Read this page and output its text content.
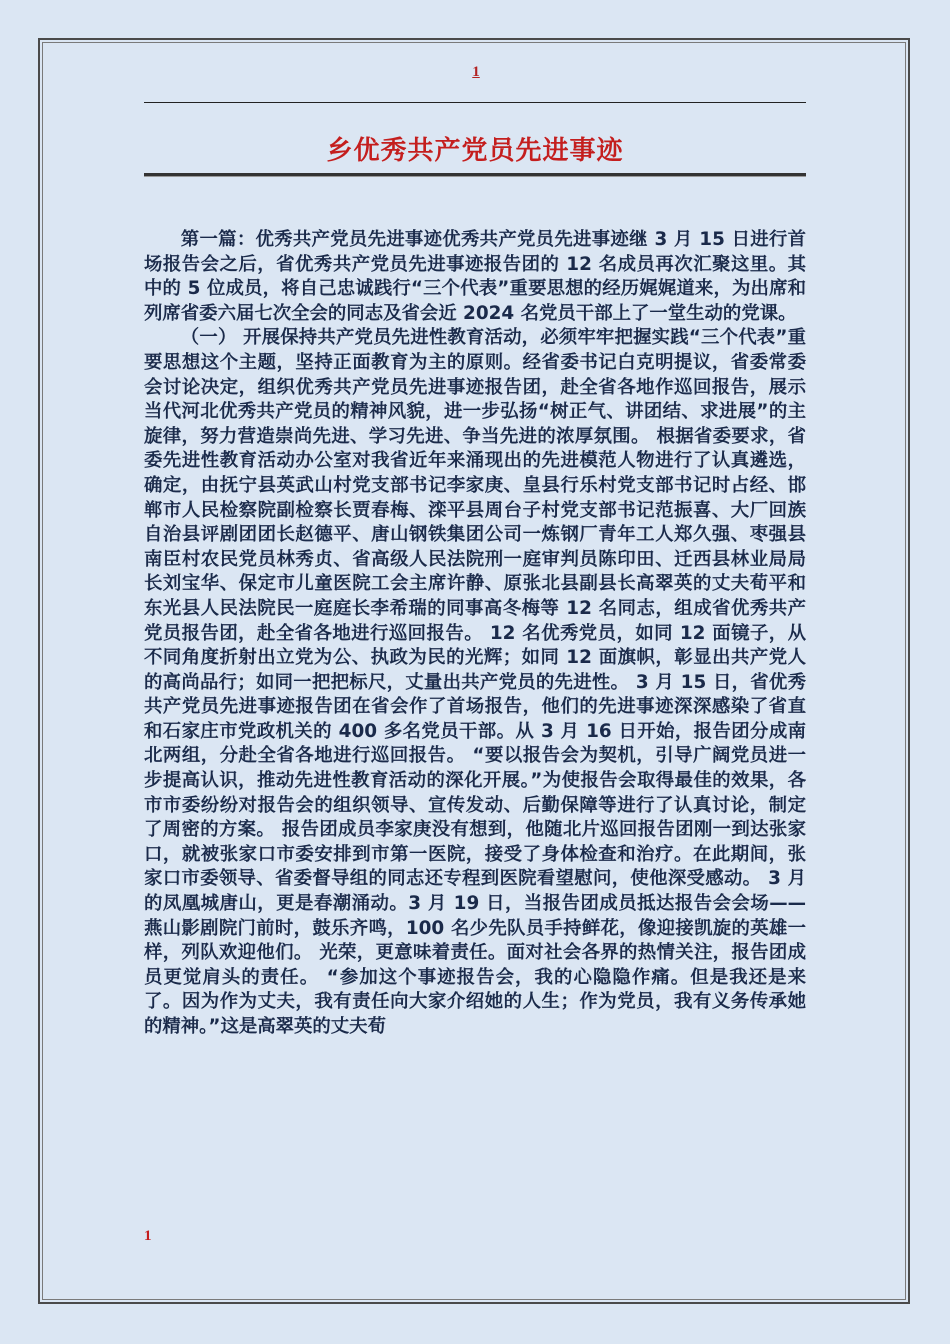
1
乡优秀共产党员先进事迹

第一篇：优秀共产党员先进事迹优秀共产党员先进事迹继 3 月 15 日进行首场报告会之后，省优秀共产党员先进事迹报告团的 12 名成员再次汇聚这里。其中的 5 位成员，将自己忠诚践行“三个代表”重要思想的经历娓娓道来，为出席和列席省委六届七次全会的同志及省会近 2024 名党员干部上了一堂生动的党课。

（一） 开展保持共产党员先进性教育活动，必须牢牢把握实践“三个代表”重要思想这个主题，坚持正面教育为主的原则。经省委书记白克明提议，省委常委会讨论决定，组织优秀共产党员先进事迹报告团，赴全省各地作巡回报告，展示当代河北优秀共产党员的精神风貌，进一步弘扬“树正气、讲团结、求进展”的主旋律，努力营造崇尚先进、学习先进、争当先进的浓厚氛围。 根据省委要求，省委先进性教育活动办公室对我省近年来涌现出的先进模范人物进行了认真遴选，确定，由抚宁县英武山村党支部书记李家庚、皇县行乐村党支部书记时占经、邯郸市人民检察院副检察长贾春梅、滦平县周台子村党支部书记范振喜、大厂回族自治县评剧团团长赵德平、唐山钢铁集团公司一炼钢厂青年工人郑久强、枣强县南臣村农民党员林秀贞、省高级人民法院刑一庭审判员陈印田、迁西县林业局局长刘宝华、保定市儿童医院工会主席许静、原张北县副县长高翠英的丈夫荀平和东光县人民法院民一庭庭长李希瑞的同事高冬梅等 12 名同志，组成省优秀共产党员报告团，赴全省各地进行巡回报告。 12 名优秀党员，如同 12 面镜子，从不同角度折射出立党为公、执政为民的光辉；如同 12 面旗帜，彰显出共产党人的高尚品行；如同一把把标尺，丈量出共产党员的先进性。 3 月 15 日，省优秀共产党员先进事迹报告团在省会作了首场报告，他们的先进事迹深深感染了省直和石家庄市党政机关的 400 多名党员干部。从 3 月 16 日开始，报告团分成南北两组，分赴全省各地进行巡回报告。 “要以报告会为契机，引导广阔党员进一步提高认识，推动先进性教育活动的深化开展。”为使报告会取得最佳的效果，各市市委纷纷对报告会的组织领导、宣传发动、后勤保障等进行了认真讨论，制定了周密的方案。 报告团成员李家庚没有想到，他随北片巡回报告团刚一到达张家口，就被张家口市委安排到市第一医院，接受了身体检查和治疗。在此期间，张家口市委领导、省委督导组的同志还专程到医院看望慰问，使他深受感动。 3 月的凤凰城唐山，更是春潮涌动。3 月 19 日，当报告团成员抵达报告会会场——燕山影剧院门前时，鼓乐齐鸣，100 名少先队员手持鲜花，像迎接凯旋的英雄一样，列队欢迎他们。 光荣，更意味着责任。面对社会各界的热情关注，报告团成员更觉肩头的责任。 “参加这个事迹报告会，我的心隐隐作痛。但是我还是来了。因为作为丈夫，我有责任向大家介绍她的人生；作为党员，我有义务传承她的精神。”这是高翠英的丈夫荀

1
